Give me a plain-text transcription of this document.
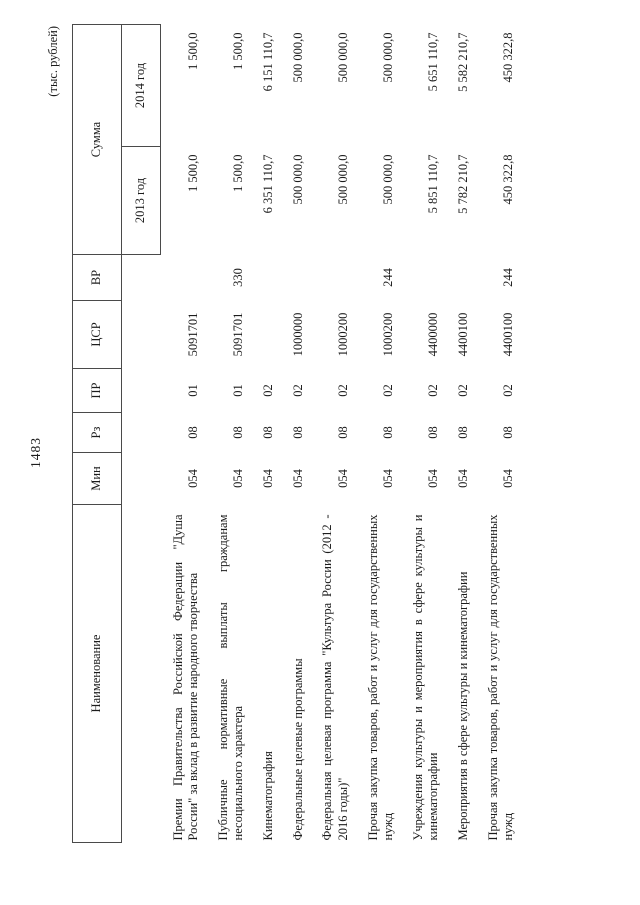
1483
(тыс. рублей)
Наименование	Мин	Рз	ПР	ЦСР	ВР	Сумма	
						2013 год	2014 год
Премии Правительства Российской Федерации "Душа России" за вклад в развитие народного творчества	054	08	01	5091701		1 500,0	1 500,0
Публичные нормативные выплаты гражданам несоциального характера	054	08	01	5091701	330	1 500,0	1 500,0
Кинематография	054	08	02			6 351 110,7	6 151 110,7
Федеральные целевые программы	054	08	02	1000000		500 000,0	500 000,0
Федеральная целевая программа "Культура России (2012 - 2016 годы)"	054	08	02	1000200		500 000,0	500 000,0
Прочая закупка товаров, работ и услуг для государственных нужд	054	08	02	1000200	244	500 000,0	500 000,0
Учреждения культуры и мероприятия в сфере культуры и кинематографии	054	08	02	4400000		5 851 110,7	5 651 110,7
Мероприятия в сфере культуры и кинематографии	054	08	02	4400100		5 782 210,7	5 582 210,7
Прочая закупка товаров, работ и услуг для государственных нужд	054	08	02	4400100	244	450 322,8	450 322,8
